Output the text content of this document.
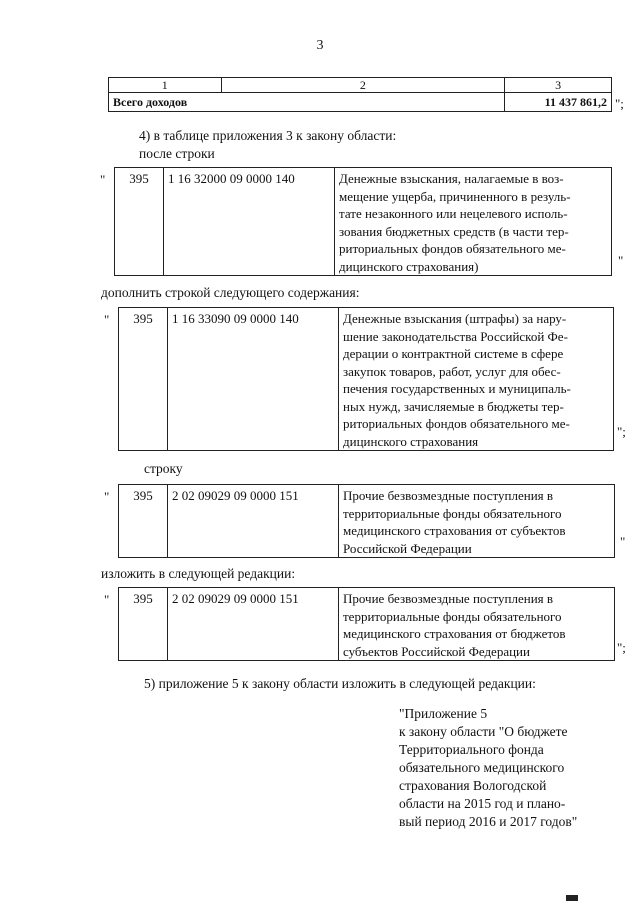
3
1	2	3
Всего доходов		11 437 861,2 ";
4) в таблице приложения 3 к закону области:
после строки
" 395	1 16 32000 09 0000 140	Денежные взыскания, налагаемые в воз-
мещение ущерба, причиненного в резуль-
тате незаконного или нецелевого исполь-
зования бюджетных средств (в части тер-
риториальных фондов обязательного ме-
дицинского страхования)	"
дополнить строкой следующего содержания:
" 395	1 16 33090 09 0000 140	Денежные взыскания (штрафы) за нару-
шение законодательства Российской Фе-
дерации о контрактной системе в сфере
закупок товаров, работ, услуг для обес-
печения государственных и муниципаль-
ных нужд, зачисляемые в бюджеты тер-
риториальных фондов обязательного ме-
дицинского страхования
";
строку
" 395	2 02 09029 09 0000 151	Прочие безвозмездные поступления в
территориальные фонды обязательного
медицинского страхования от субъектов
Российской Федерации	"
изложить в следующей редакции:
" 395	2 02 09029 09 0000 151	Прочие безвозмездные поступления в
территориальные фонды обязательного
медицинского страхования от бюджетов
субъектов Российской Федерации	";
5) приложение 5 к закону области изложить в следующей редакции:
"Приложение 5
к закону области "О бюджете
Территориального фонда
обязательного медицинского
страхования Вологодской
области на 2015 год и плано-
вый период 2016 и 2017 годов"
